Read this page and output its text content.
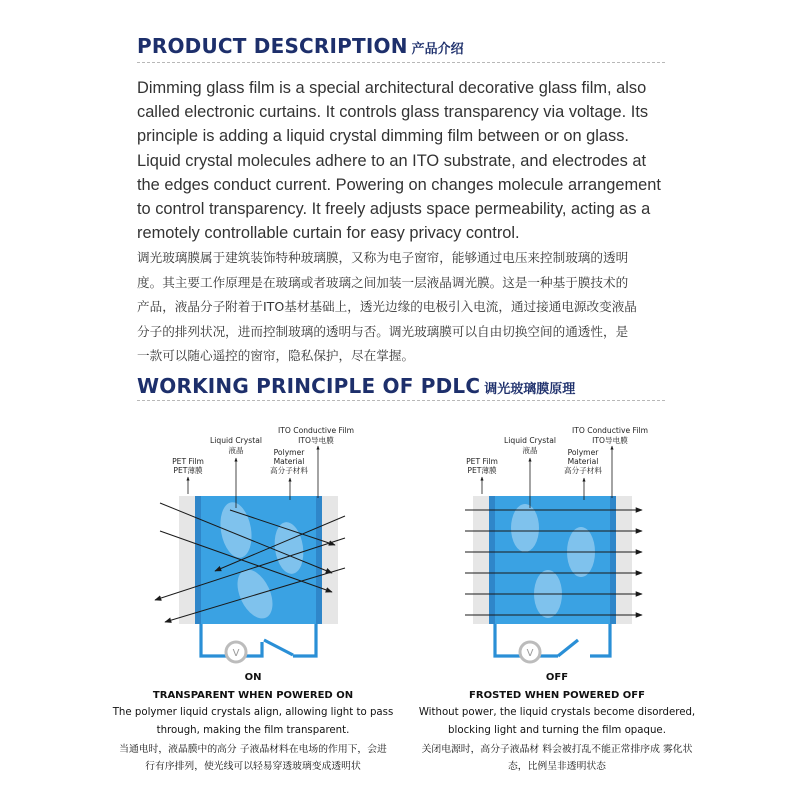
PRODUCT DESCRIPTION 产品介绍

Dimming glass film is a special architectural decorative glass film, also
called electronic curtains. It controls glass transparency via voltage. Its
principle is adding a liquid crystal dimming film between or on glass.
Liquid crystal molecules adhere to an ITO substrate, and electrodes at
the edges conduct current. Powering on changes molecule arrangement
to control transparency. It freely adjusts space permeability, acting as a
remotely controllable curtain for easy privacy control.

调光玻璃膜属于建筑装饰特种玻璃膜，又称为电子窗帘，能够通过电压来控制玻璃的透明
度。其主要工作原理是在玻璃或者玻璃之间加装一层液晶调光膜。这是一种基于膜技术的
产品，液晶分子附着于ITO基材基础上，透光边缘的电极引入电流，通过接通电源改变液晶
分子的排列状况，进而控制玻璃的透明与否。调光玻璃膜可以自由切换空间的通透性，是
一款可以随心遥控的窗帘，隐私保护，尽在掌握。

WORKING PRINCIPLE OF PDLC 调光玻璃膜原理
V
ITO Conductive Film
ITO导电膜
Liquid Crystal
液晶	Polymer
Material
高分子材料
PET Film
PET薄膜
V
ITO Conductive Film
ITO导电膜
Liquid Crystal
液晶	Polymer
Material
高分子材料
PET Film
PET薄膜
ON
TRANSPARENT WHEN POWERED ON
The polymer liquid crystals align, allowing light to pass
through, making the film transparent.
当通电时，液晶膜中的高分 子液晶材料在电场的作用下，会进
行有序排列，使光线可以轻易穿透玻璃变成透明状
OFF
FROSTED WHEN POWERED OFF
Without power, the liquid crystals become disordered,
blocking light and turning the film opaque.
关闭电源时，高分子液晶材 料会被打乱不能正常排序成 雾化状
态，比例呈非透明状态
